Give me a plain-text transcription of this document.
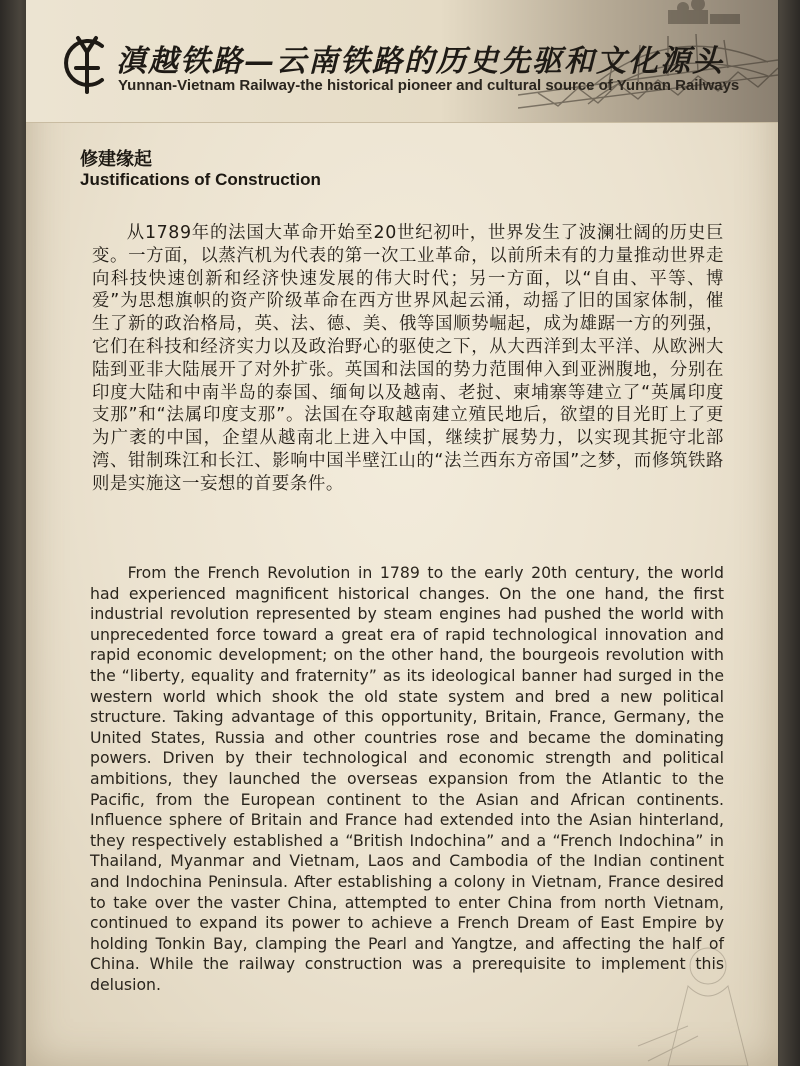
滇越铁路—云南铁路的历史先驱和文化源头
Yunnan-Vietnam Railway-the historical pioneer and cultural source of Yunnan Railways
修建缘起
Justifications of Construction

从1789年的法国大革命开始至20世纪初叶，世界发生了波澜壮阔的历史巨变。一方面，以蒸汽机为代表的第一次工业革命，以前所未有的力量推动世界走向科技快速创新和经济快速发展的伟大时代；另一方面，以“自由、平等、博爱”为思想旗帜的资产阶级革命在西方世界风起云涌，动摇了旧的国家体制，催生了新的政治格局，英、法、德、美、俄等国顺势崛起，成为雄踞一方的列强，它们在科技和经济实力以及政治野心的驱使之下，从大西洋到太平洋、从欧洲大陆到亚非大陆展开了对外扩张。英国和法国的势力范围伸入到亚洲腹地，分别在印度大陆和中南半岛的泰国、缅甸以及越南、老挝、柬埔寨等建立了“英属印度支那”和“法属印度支那”。法国在夺取越南建立殖民地后，欲望的目光盯上了更为广袤的中国，企望从越南北上进入中国，继续扩展势力，以实现其扼守北部湾、钳制珠江和长江、影响中国半壁江山的“法兰西东方帝国”之梦，而修筑铁路则是实施这一妄想的首要条件。

From the French Revolution in 1789 to the early 20th century, the world had experienced magnificent historical changes. On the one hand, the first industrial revolution represented by steam engines had pushed the world with unprecedented force toward a great era of rapid technological innovation and rapid economic development; on the other hand, the bourgeois revolution with the “liberty, equality and fraternity” as its ideological banner had surged in the western world which shook the old state system and bred a new political structure. Taking advantage of this opportunity, Britain, France, Germany, the United States, Russia and other countries rose and became the dominating powers. Driven by their technological and economic strength and political ambitions, they launched the overseas expansion from the Atlantic to the Pacific, from the European continent to the Asian and African continents. Influence sphere of Britain and France had extended into the Asian hinterland, they respectively established a “British Indochina” and a “French Indochina” in Thailand, Myanmar and Vietnam, Laos and Cambodia of the Indian continent and Indochina Peninsula. After establishing a colony in Vietnam, France desired to take over the vaster China, attempted to enter China from north Vietnam, continued to expand its power to achieve a French Dream of East Empire by holding Tonkin Bay, clamping the Pearl and Yangtze, and affecting the half of China. While the railway construction was a prerequisite to implement this delusion.
